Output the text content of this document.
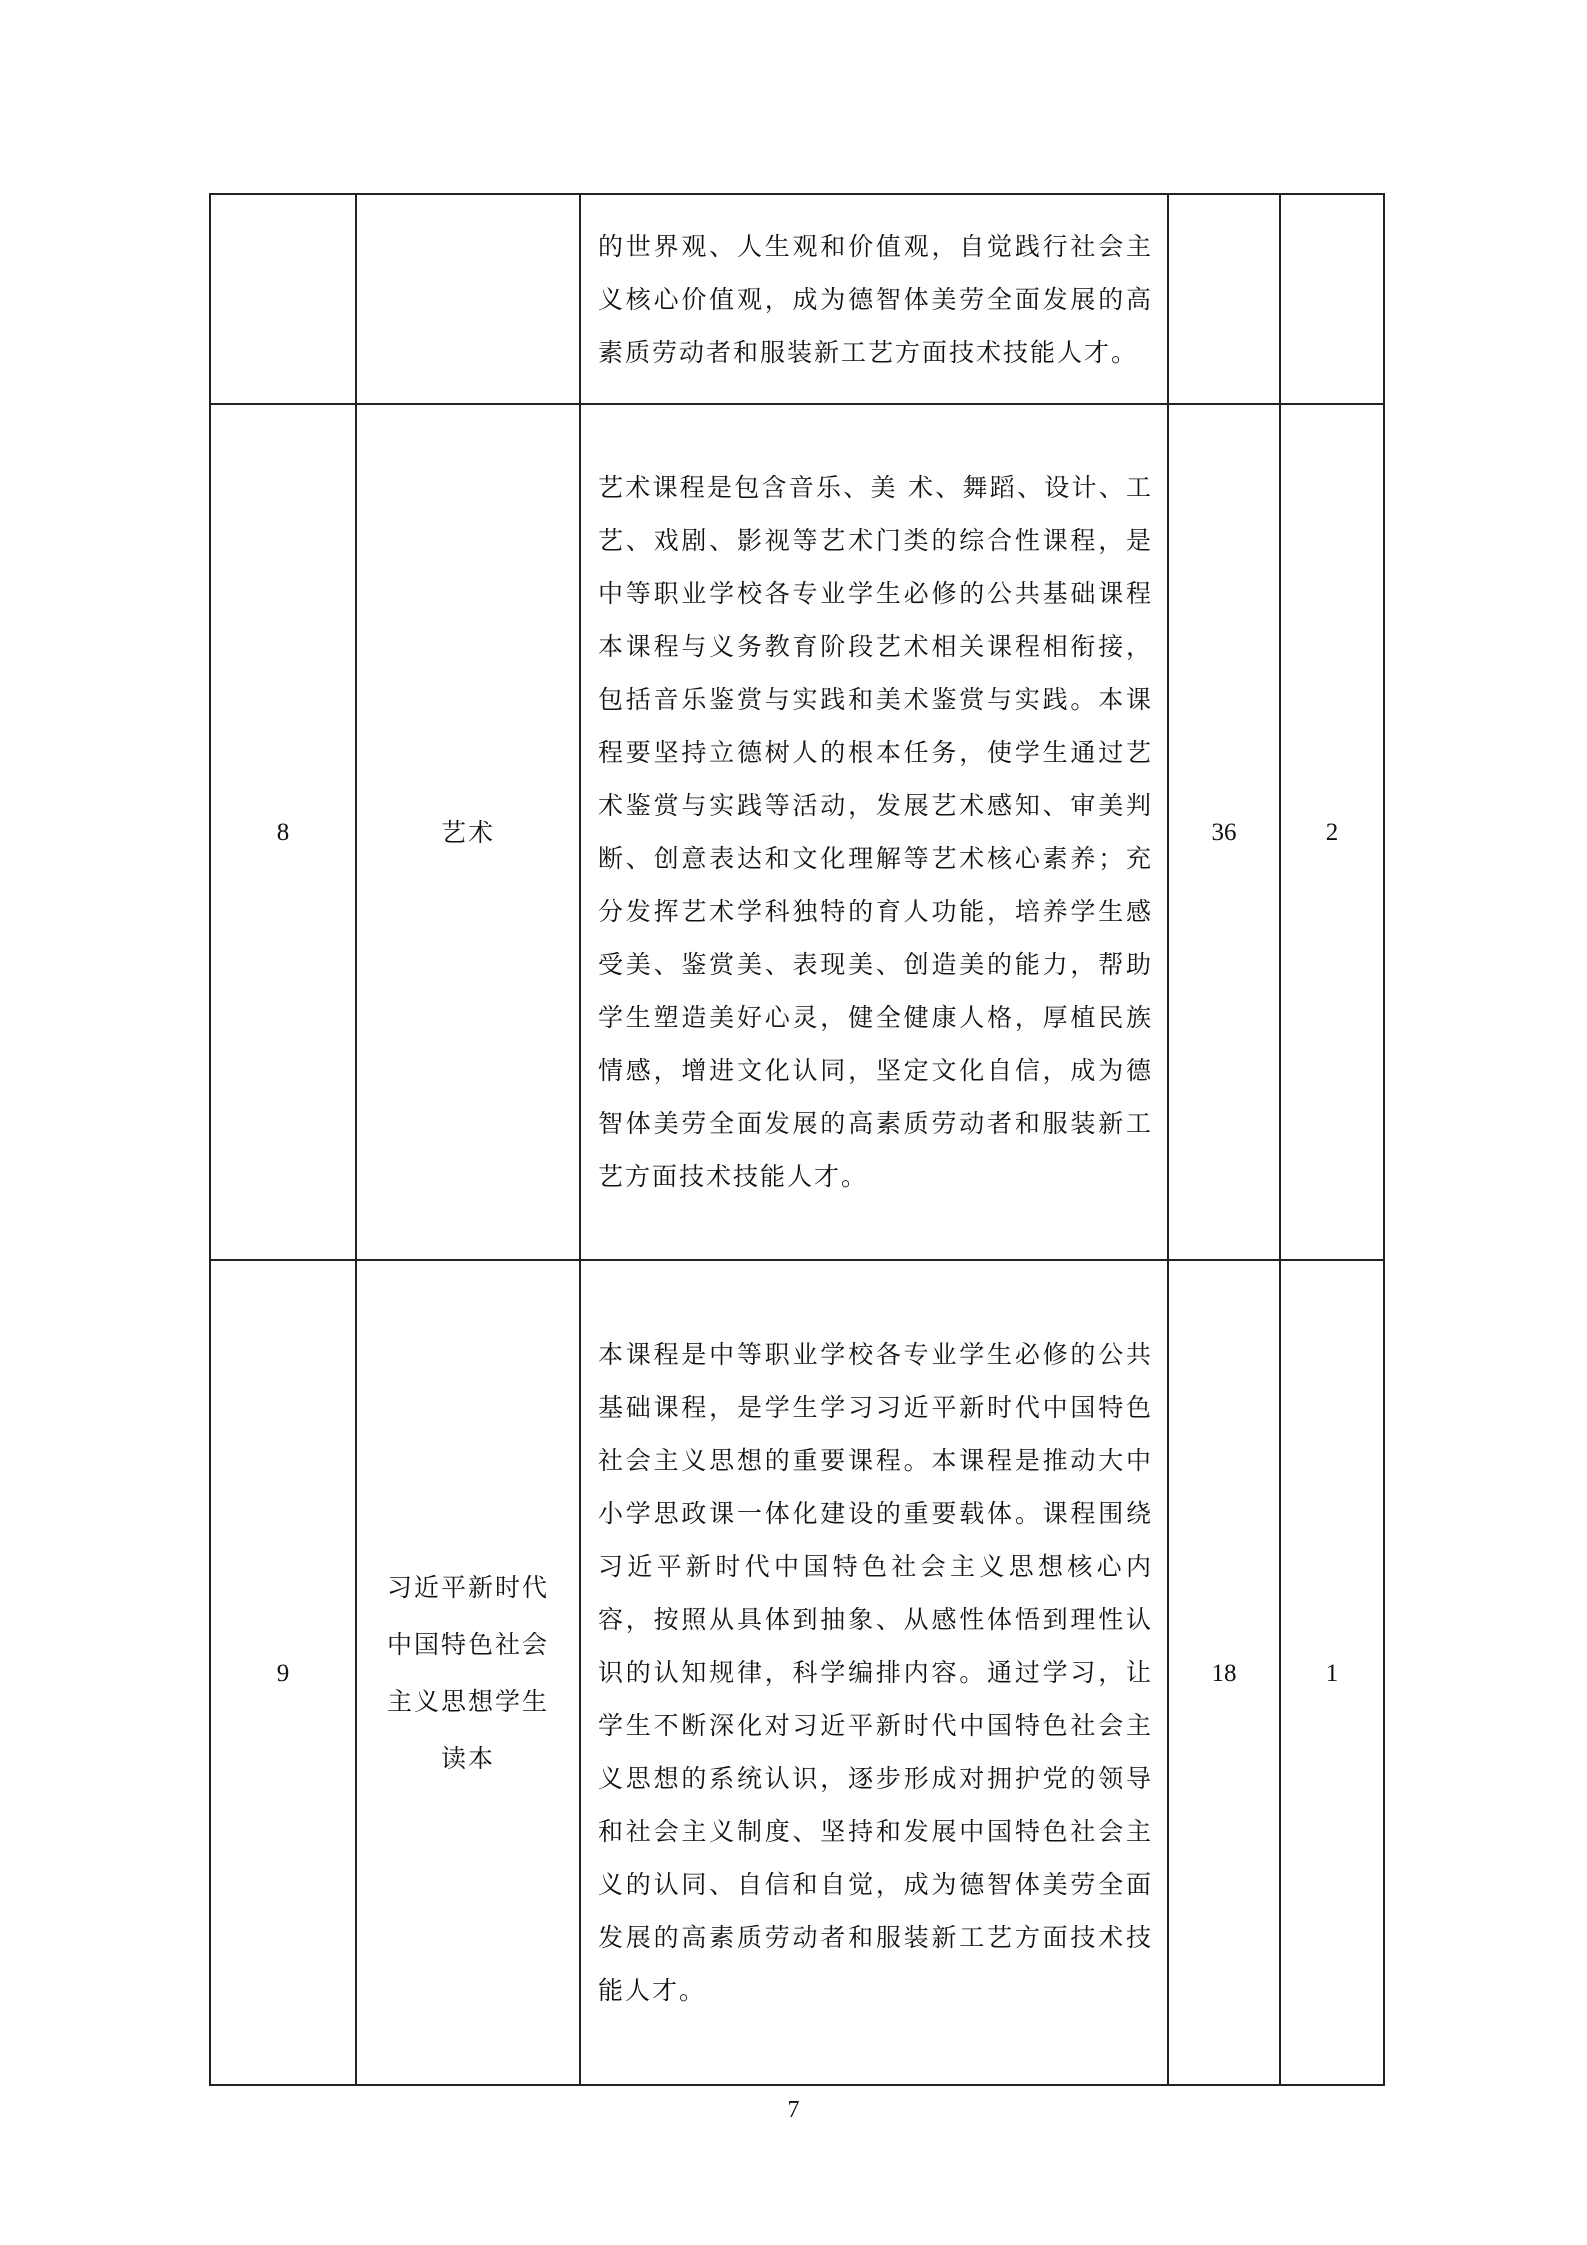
		的世界观、人生观和价值观，自觉践行社会主义核心价值观，成为德智体美劳全面发展的高素质劳动者和服装新工艺方面技术技能人才。		

8	艺术	艺术课程是包含音乐、美 术、舞蹈、设计、工艺、戏剧、影视等艺术门类的综合性课程，是中等职业学校各专业学生必修的公共基础课程本课程与义务教育阶段艺术相关课程相衔接，包括音乐鉴赏与实践和美术鉴赏与实践。本课程要坚持立德树人的根本任务，使学生通过艺术鉴赏与实践等活动，发展艺术感知、审美判断、创意表达和文化理解等艺术核心素养；充分发挥艺术学科独特的育人功能，培养学生感受美、鉴赏美、表现美、创造美的能力，帮助学生塑造美好心灵，健全健康人格，厚植民族情感，增进文化认同，坚定文化自信，成为德智体美劳全面发展的高素质劳动者和服装新工艺方面技术技能人才。	36	2
9	习近平新时代中国特色社会主义思想学生读本	本课程是中等职业学校各专业学生必修的公共基础课程，是学生学习习近平新时代中国特色社会主义思想的重要课程。本课程是推动大中小学思政课一体化建设的重要载体。课程围绕习近平新时代中国特色社会主义思想核心内容，按照从具体到抽象、从感性体悟到理性认识的认知规律，科学编排内容。通过学习，让学生不断深化对习近平新时代中国特色社会主义思想的系统认识，逐步形成对拥护党的领导和社会主义制度、坚持和发展中国特色社会主义的认同、自信和自觉，成为德智体美劳全面发展的高素质劳动者和服装新工艺方面技术技能人才。	18	1
7
